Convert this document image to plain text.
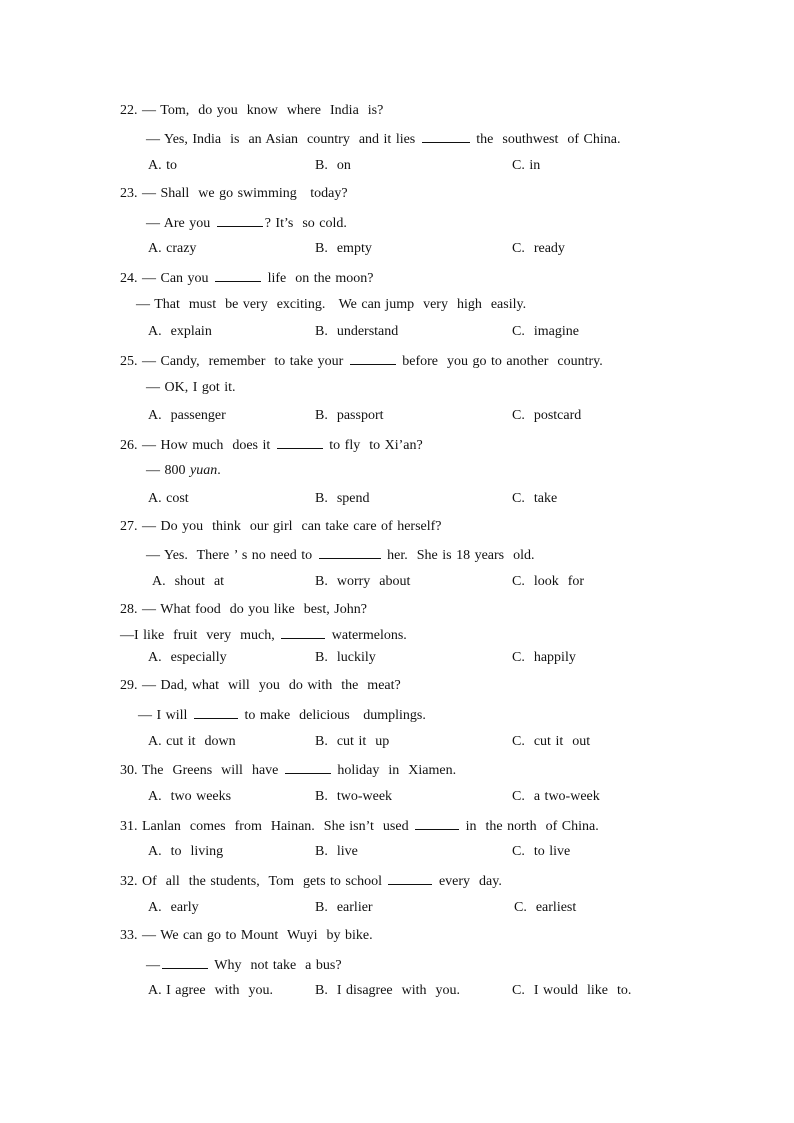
22. — Tom,  do you  know  where  India  is?
— Yes, India  is  an Asian  country  and it lies	the  southwest  of China.
A. to	B.  on	C. in
23. — Shall  we go swimming   today?
— Are you	? It’s  so cold.
A. crazy	B.  empty	C.  ready
24. — Can you	life  on the moon?
— That  must  be very  exciting.   We can jump  very  high  easily.
A.  explain	B.  understand	C.  imagine
25. — Candy,  remember  to take your	before  you go to another  country.
— OK, I got it.
A.  passenger	B.  passport	C.  postcard
26. — How much  does it	to fly  to Xi’an?
— 800 yuan.
A. cost	B.  spend	C.  take
27. — Do you  think  our girl  can take care of herself?
— Yes.  There ’ s no need to	her.  She is 18 years  old.
A.  shout  at	B.  worry  about	C.  look  for
28. — What food  do you like  best, John?
—I like  fruit  very  much,	watermelons.
A.  especially	B.  luckily	C.  happily
29. — Dad, what  will  you  do with  the  meat?
— I will	to make  delicious   dumplings.
A. cut it  down	B.  cut it  up	C.  cut it  out
30. The  Greens  will  have	holiday  in  Xiamen.
A.  two weeks	B.  two-week	C.  a two-week
31. Lanlan  comes  from  Hainan.  She isn’t  used	in  the north  of China.
A.  to  living	B.  live	C.  to live
32. Of  all  the students,  Tom  gets to school	every  day.
A.  early	B.  earlier	C.  earliest
33. — We can go to Mount  Wuyi  by bike.
—	Why  not take  a bus?
A. I agree  with  you.	B.  I disagree  with  you.	C.  I would  like  to.
